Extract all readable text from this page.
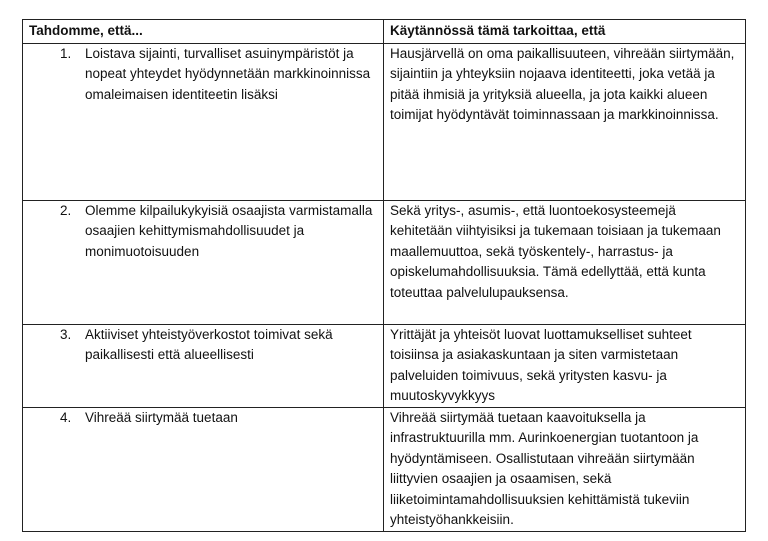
Tahdomme, että...	Käytännössä tämä tarkoittaa, että

1. Loistava sijainti, turvalliset asuinympäristöt ja nopeat yhteydet hyödynnetään markkinoinnissa omaleimaisen identiteetin lisäksi	Hausjärvellä on oma paikallisuuteen, vihreään siirtymään, sijaintiin ja yhteyksiin nojaava identiteetti, joka vetää ja pitää ihmisiä ja yrityksiä alueella, ja jota kaikki alueen toimijat hyödyntävät toiminnassaan ja markkinoinnissa.

2. Olemme kilpailukykyisiä osaajista varmistamalla osaajien kehittymismahdollisuudet ja monimuotoisuuden	Sekä yritys-, asumis-, että luontoekosysteemejä kehitetään viihtyisiksi ja tukemaan toisiaan ja tukemaan maallemuuttoa, sekä työskentely-, harrastus- ja opiskelumahdollisuuksia. Tämä edellyttää, että kunta toteuttaa palvelulupauksensa.

3. Aktiiviset yhteistyöverkostot toimivat sekä paikallisesti että alueellisesti	Yrittäjät ja yhteisöt luovat luottamukselliset suhteet toisiinsa ja asiakaskuntaan ja siten varmistetaan palveluiden toimivuus, sekä yritysten kasvu- ja muutoskyvykkyys

4. Vihreää siirtymää tuetaan	Vihreää siirtymää tuetaan kaavoituksella ja infrastruktuurilla mm. Aurinkoenergian tuotantoon ja hyödyntämiseen. Osallistutaan vihreään siirtymään liittyvien osaajien ja osaamisen, sekä liiketoimintamahdollisuuksien kehittämistä tukeviin yhteistyöhankkeisiin.
